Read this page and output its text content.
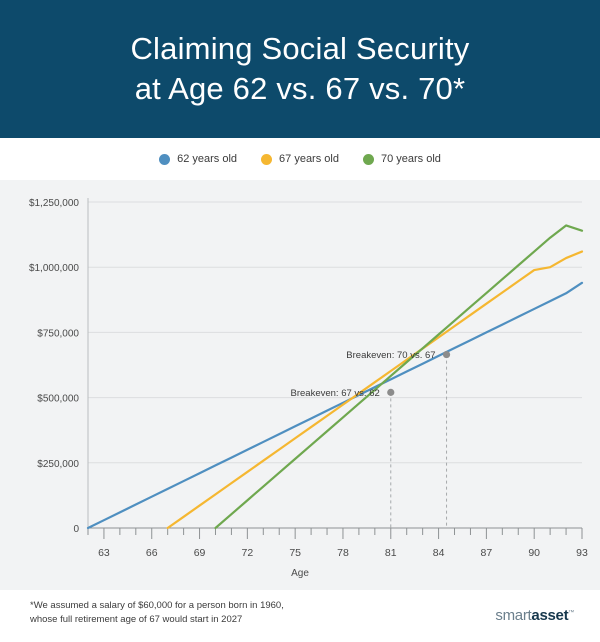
Claiming Social Security
at Age 62 vs. 67 vs. 70*
62 years old	67 years old	70 years old
0
$250,000
$500,000
$750,000
$1,000,000
$1,250,000
63	66	69	72	75	78	81	84	87	90	93
Breakeven: 67 vs. 62
Breakeven: 70 vs. 67
Age
*We assumed a salary of $60,000 for a person born in 1960,
whose full retirement age of 67 would start in 2027	smartasset™
